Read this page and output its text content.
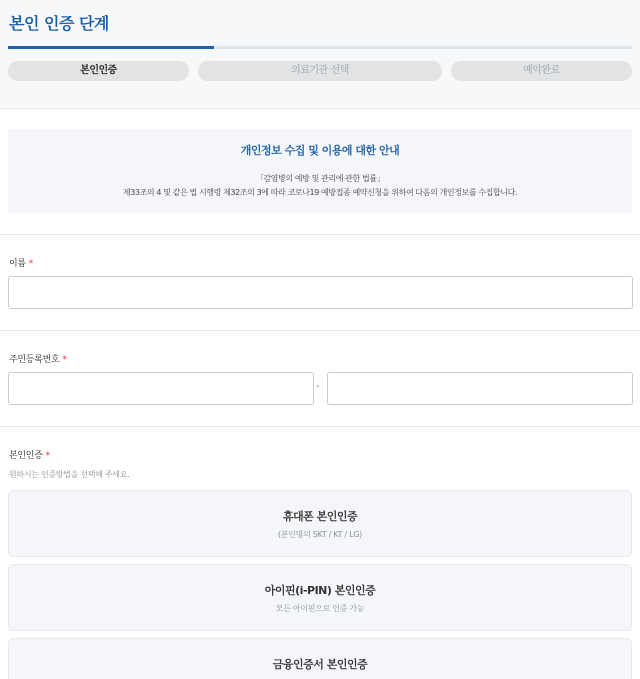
본인 인증 단계
본인인증	의료기관 선택	예약완료
개인정보 수집 및 이용에 대한 안내
「감염병의 예방 및 관리에 관한 법률」
제33조의 4 및 같은 법 시행령 제32조의 3에 따라 코로나19 예방접종 예약신청을 위하여 다음의 개인정보를 수집합니다.
이름 *
주민등록번호 *
-
본인인증 *
원하시는 인증방법을 선택해 주세요.
휴대폰 본인인증
(본인명의 SKT / KT / LG)
아이핀(i-PIN) 본인인증
모든 아이핀으로 인증 가능
금융인증서 본인인증
